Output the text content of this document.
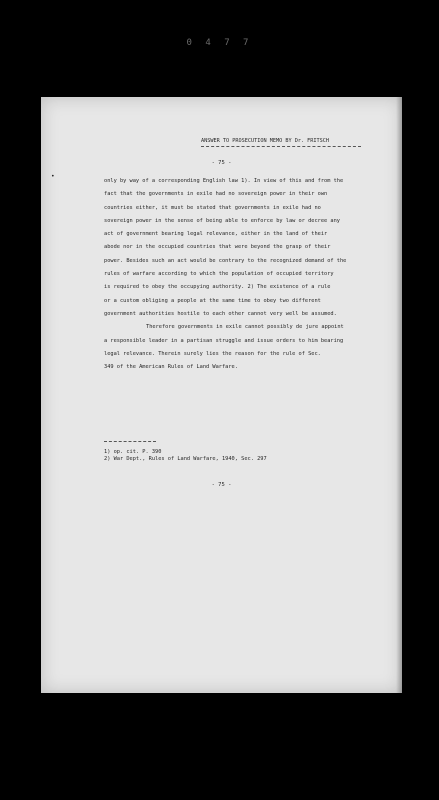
0 4 7 7
ANSWER TO PROSECUTION MEMO BY Dr. FRITSCH
- 75 -
•
only by way of a corresponding English law 1). In view of this and from the
fact that the governments in exile had no sovereign power in their own
countries either, it must be stated that governments in exile had no
sovereign power in the sense of being able to enforce by law or decree any
act of government bearing legal relevance, either in the land of their
abode nor in the occupied countries that were beyond the grasp of their
power. Besides such an act would be contrary to the recognized demand of the
rules of warfare according to which the population of occupied territory
is required to obey the occupying authority. 2) The existence of a rule
or a custom obliging a people at the same time to obey two different
government authorities hostile to each other cannot very well be assumed.
Therefore governments in exile cannot possibly de jure appoint
a responsible leader in a partisan struggle and issue orders to him bearing
legal relevance. Therein surely lies the reason for the rule of Sec.
349 of the American Rules of Land Warfare.
1) op. cit. P. 390
2) War Dept., Rules of Land Warfare, 1940, Sec. 297
- 75 -
